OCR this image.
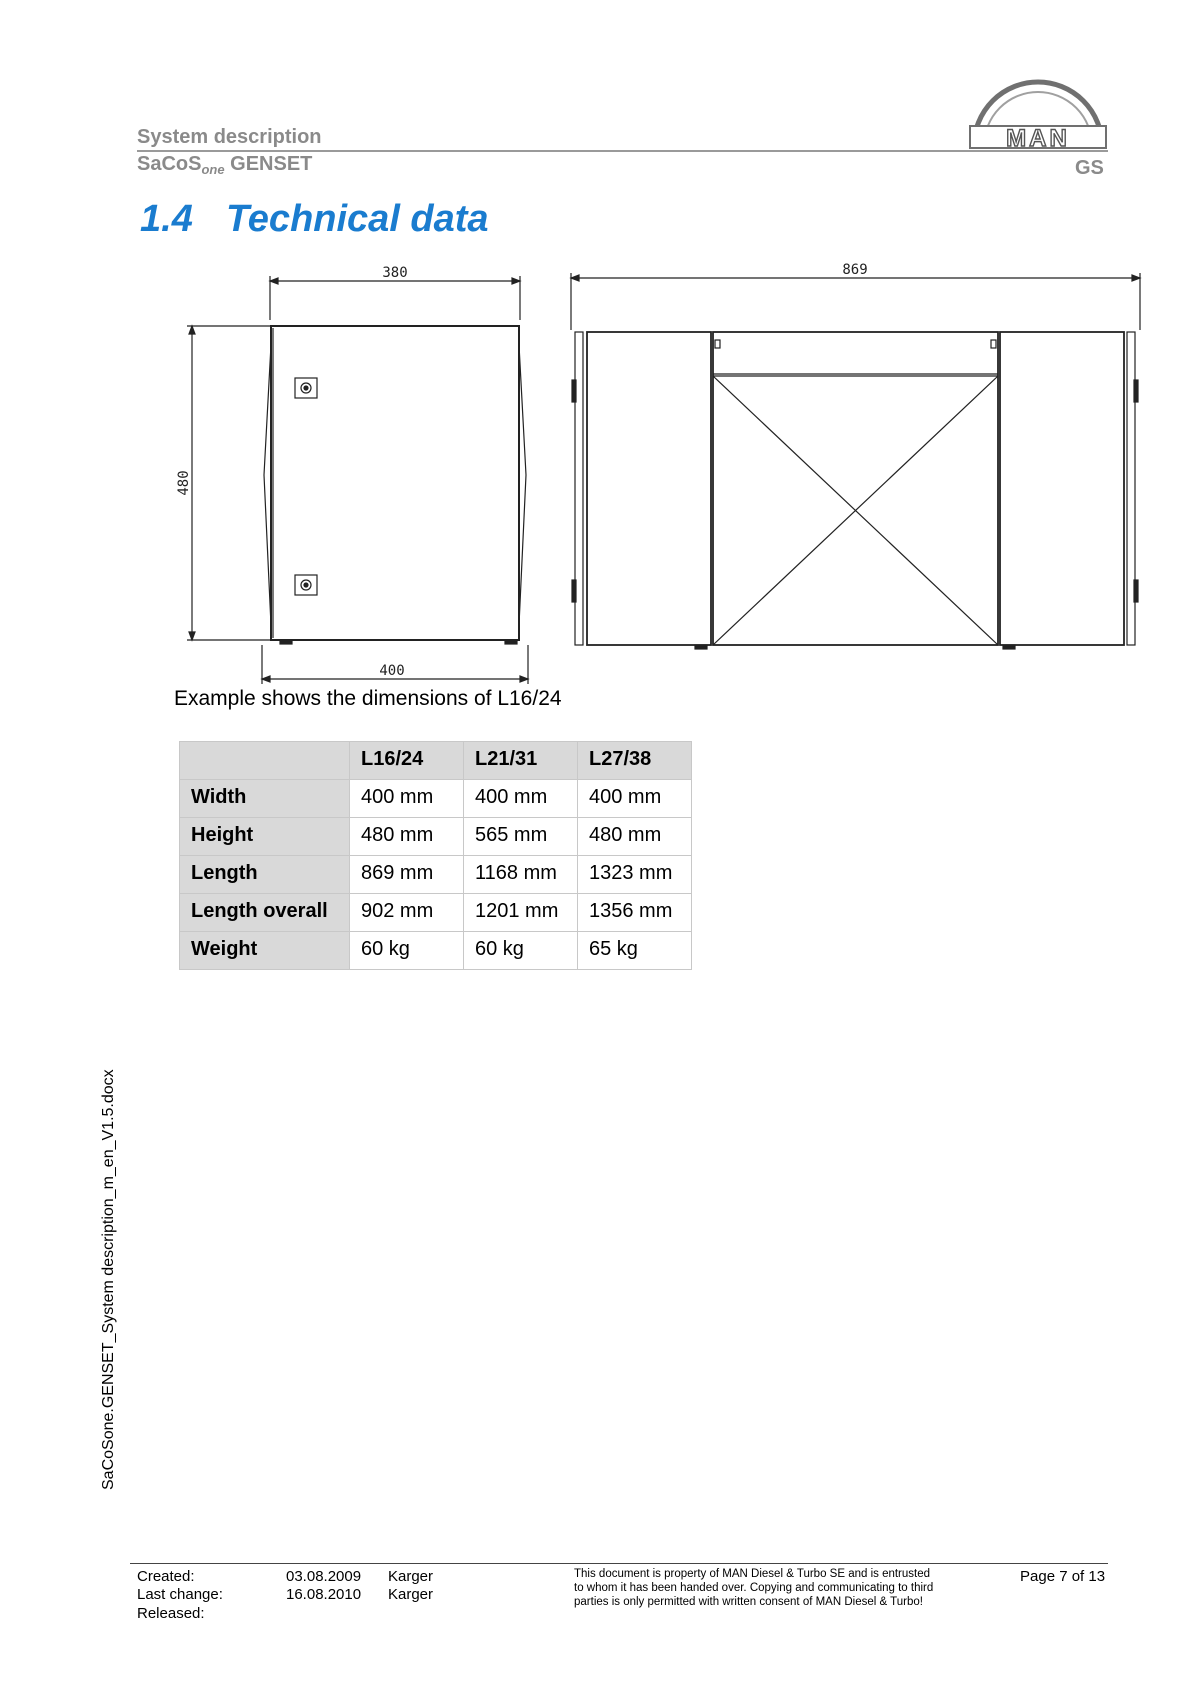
System description
SaCoS$_{one}$ GENSET	GS
MAN
1.4 Technical data
380
400
869
480
Example shows the dimensions of L16/24
	L16/24	L21/31	L27/38
Width	400 mm	400 mm	400 mm
Height	480 mm	565 mm	480 mm
Length	869 mm	1168 mm	1323 mm
Length overall	902 mm	1201 mm	1356 mm
Weight	60 kg	60 kg	65 kg
SaCoSone.GENSET_System description_m_en_V1.5.docx
Created:	03.08.2009 Karger
Last change:	16.08.2010 Karger
Released:
This document is property of MAN Diesel & Turbo SE and is entrusted
to whom it has been handed over. Copying and communicating to third
parties is only permitted with written consent of MAN Diesel & Turbo!
Page 7 of 13
